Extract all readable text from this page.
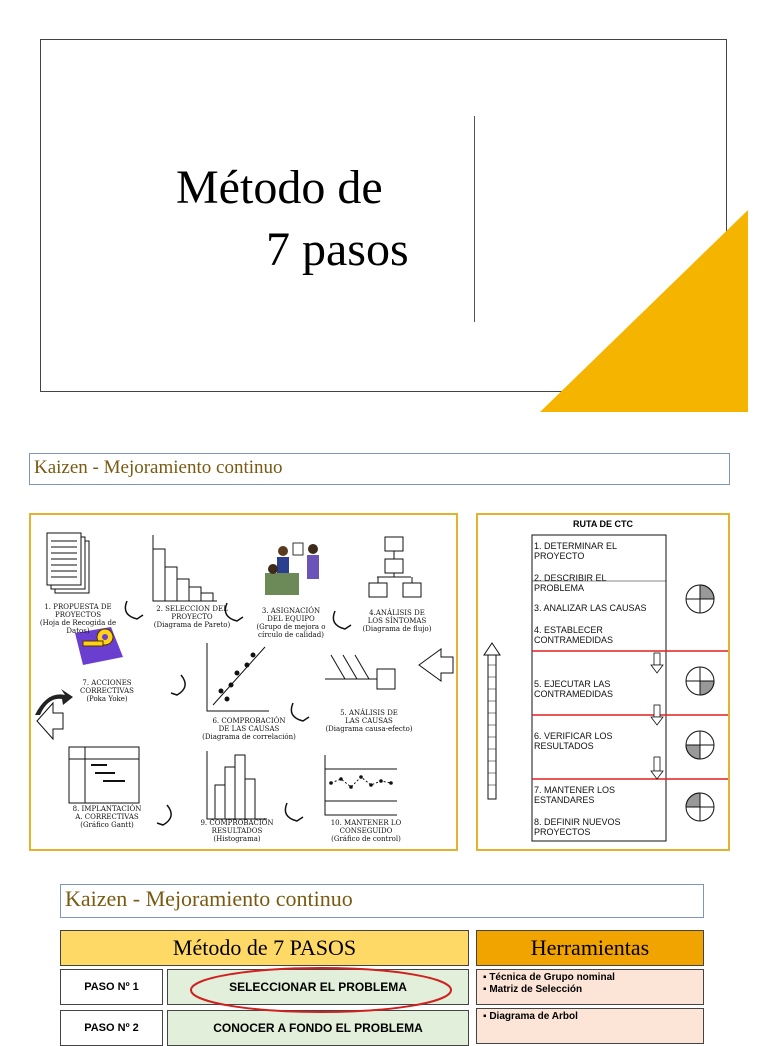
Método de
7 pasos
Kaizen - Mejoramiento continuo
1. PROPUESTA DE
PROYECTOS
(Hoja de Recogida de Datos)
2. SELECCION DEL
PROYECTO
(Diagrama de Pareto)
3. ASIGNACIÓN
DEL EQUIPO
(Grupo de mejora o
círculo de calidad)
4.ANÁLISIS DE
LOS SÍNTOMAS
(Diagrama de flujo)
5. ANÁLISIS DE
LAS CAUSAS
(Diagrama causa-efecto)
6. COMPROBACIÓN
DE LAS CAUSAS
(Diagrama de correlación)
7. ACCIONES
CORRECTIVAS
(Poka Yoke)
8. IMPLANTACIÓN
A. CORRECTIVAS
(Gráfico Gantt)	9. COMPROBACIÓN
RESULTADOS
(Histograma)
10. MANTENER LO
CONSEGUIDO
(Gráfico de control)
RUTA DE CTC
1. DETERMINAR EL
PROYECTO
2. DESCRIBIR EL
PROBLEMA
3. ANALIZAR LAS CAUSAS
4. ESTABLECER
CONTRAMEDIDAS
5. EJECUTAR LAS
CONTRAMEDIDAS
6. VERIFICAR LOS
RESULTADOS
7. MANTENER LOS
ESTANDARES
8. DEFINIR NUEVOS
PROYECTOS
Kaizen - Mejoramiento continuo
Método de 7 PASOS	Herramientas
PASO Nº 1	SELECCIONAR EL PROBLEMA
▪ Técnica de Grupo nominal
▪ Matriz de Selección
PASO Nº 2	CONOCER A FONDO EL PROBLEMA
▪ Diagrama de Arbol
